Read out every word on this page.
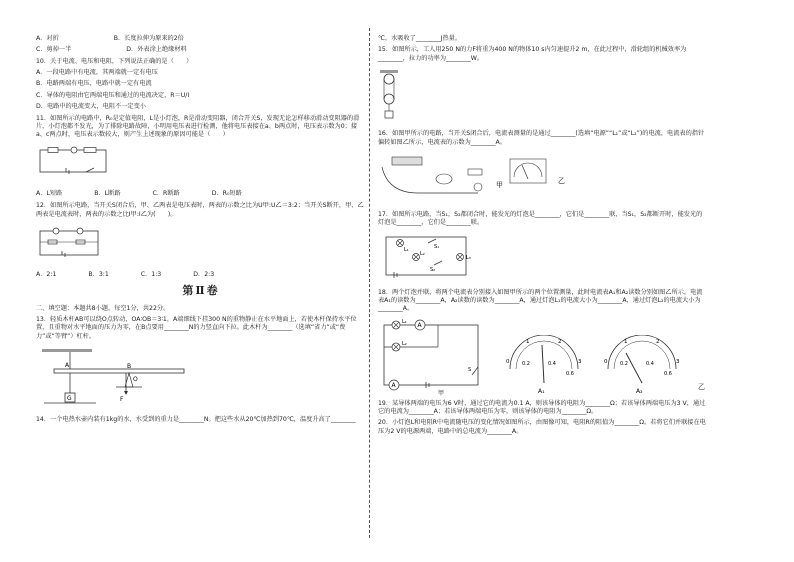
A．对折	B．长度拉伸为原来的2倍
C．剪掉一半	D．外表涂上绝缘材料

10．关于电流、电压和电阻，下列说法正确的是（　　）

A．一段电路中有电流，其两端就一定有电压

B．电路两端有电压，电路中就一定有电流

C．导体的电阻由它两端电压和通过的电流决定，R＝U/I

D．电路中的电流变大，电阻不一定变小

11．如图所示的电路中，R₀是定值电阻，L是小灯泡，R是滑动变阻器，闭合开关S，发现无论怎样移动滑动变阻器的滑片，小灯泡都不发光，为了排除电路故障，小明用电压表进行检测，他将电压表接在a、b两点时，电压表示数为0；接a、c两点时，电压表示数较大，则产生上述现象的原因可能是（　　）

A．L短路	B．L断路	C．R断路	D．R₀短路

12．如图所示电路，当开关S闭合后，甲、乙两表是电压表时，两表的示数之比为U甲:U乙＝3:2；当开关S断开，甲、乙两表是电流表时，两表的示数之比I甲:I乙为(　　)。

A．2:1	B．3:1	C．1:3	D．2:3
第Ⅱ卷

二、填空题：本题共8小题，每空1分，共22分。

13．轻质木杆AB可以绕O点转动，OA∶OB＝3∶1，A端细线下挂300 N的重物静止在水平地面上，若使木杆保持水平位置，且重物对水平地面的压力为零，在B点要用________N的力竖直向下拉。此木杆为________（选填“省力”或“费力”或“等臂”）杠杆。

G
A	B
O
F

14．一个电热水壶内装有1kg的水，水受到的重力是________N。把这些水从20℃加热到70℃，温度升高了________

℃，水吸收了________J热量。

15．如图所示，工人用250 N的力F将重为400 N的物体10 s内匀速提升2 m，在此过程中，滑轮组的机械效率为________，拉力的功率为________W。

16．如图甲所示的电路，当开关S闭合后，电流表测量的是通过________(选填“电源”“L₁”或“L₂”)的电流，电流表的指针偏转如图乙所示，电流表的示数为________A。

甲	乙

17．如图所示电路，当S₁，S₂都闭合时，能发光的灯泡是________，它们是________联，当S₁，S₂都断开时，能发光的灯泡是________，它们是________联。

L₁
L₂
L₃
S₁
S₂

18．两个灯泡并联，将两个电流表分别接入如图甲所示的两个位置测量，此时电流表A₁和A₂读数分别如图乙所示，电流表A₁的读数为________A，A₂读数的读数为________A，通过灯泡L₁的电流大小为________A，通过灯泡L₂的电流大小为________A。

L₁
L₂
A
A
S
甲
0
1	2
3
0.2	0.4
0.6
A₁
0
1	2
3
0.2	0.4
0.6
A₂	乙

19．某导体两端的电压为6 V时，通过它的电流为0.1 A，则该导体的电阻为________Ω；若该导体两端电压为3 V，通过它的电流为________A；若该导体两端电压为零，则该导体的电阻为________Ω。

20．小灯泡L和电阻R中电流随电压的变化情况如图所示，由图像可知，电阻R的阻值为________Ω。若将它们并联接在电压为2 V的电源两端，电路中的总电流为________A。
